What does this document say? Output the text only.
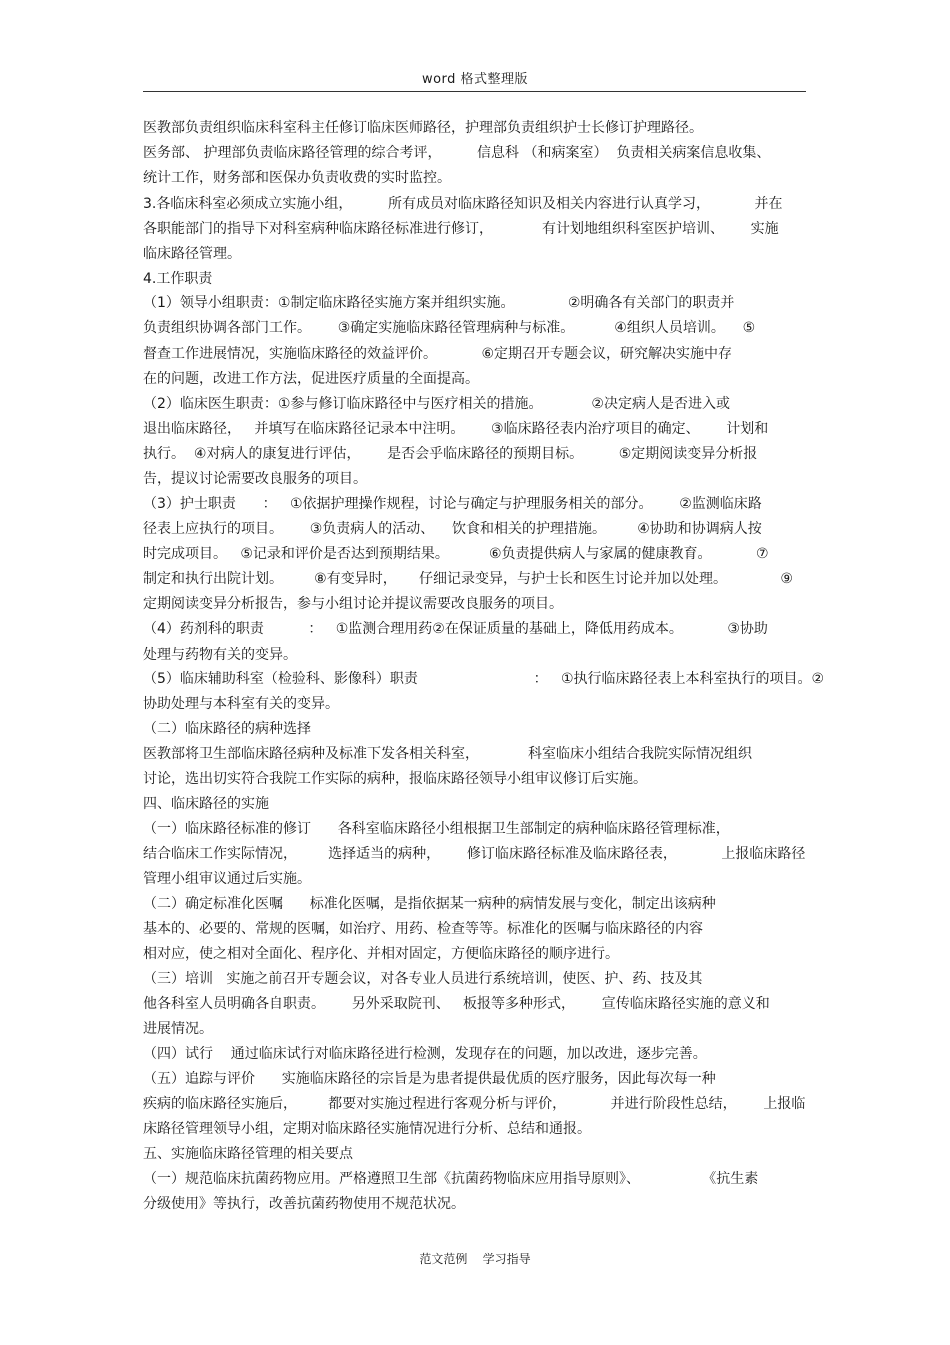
word 格式整理版
医教部负责组织临床科室科主任修订临床医师路径，护理部负责组织护士长修订护理路径。
医务部、 护理部负责临床路径管理的综合考评，        信息科 （和病案室）  负责相关病案信息收集、
统计工作，财务部和医保办负责收费的实时监控。
3.各临床科室必须成立实施小组，        所有成员对临床路径知识及相关内容进行认真学习，          并在
各职能部门的指导下对科室病种临床路径标准进行修订，           有计划地组织科室医护培训、      实施
临床路径管理。
4.工作职责
（1）领导小组职责：①制定临床路径实施方案并组织实施。            ②明确各有关部门的职责并
负责组织协调各部门工作。      ③确定实施临床路径管理病种与标准。         ④组织人员培训。    ⑤
督查工作进展情况，实施临床路径的效益评价。          ⑥定期召开专题会议，研究解决实施中存
在的问题，改进工作方法，促进医疗质量的全面提高。
（2）临床医生职责：①参与修订临床路径中与医疗相关的措施。           ②决定病人是否进入或
退出临床路径，   并填写在临床路径记录本中注明。      ③临床路径表内治疗项目的确定、      计划和
执行。  ④对病人的康复进行评估，      是否会乎临床路径的预期目标。        ⑤定期阅读变异分析报
告，提议讨论需要改良服务的项目。
（3）护士职责      ：   ①依据护理操作规程，讨论与确定与护理服务相关的部分。      ②监测临床路
径表上应执行的项目。      ③负责病人的活动、    饮食和相关的护理措施。       ④协助和协调病人按
时完成项目。   ⑤记录和评价是否达到预期结果。         ⑥负责提供病人与家属的健康教育。          ⑦
制定和执行出院计划。       ⑧有变异时，     仔细记录变异，与护士长和医生讨论并加以处理。            ⑨
定期阅读变异分析报告，参与小组讨论并提议需要改良服务的项目。
（4）药剂科的职责          ：   ①监测合理用药②在保证质量的基础上，降低用药成本。          ③协助
处理与药物有关的变异。
（5）临床辅助科室（检验科、影像科）职责                          ：   ①执行临床路径表上本科室执行的项目。②
协助处理与本科室有关的变异。
（二）临床路径的病种选择
医教部将卫生部临床路径病种及标准下发各相关科室，           科室临床小组结合我院实际情况组织
讨论，选出切实符合我院工作实际的病种，报临床路径领导小组审议修订后实施。
四、临床路径的实施
（一）临床路径标准的修订      各科室临床路径小组根据卫生部制定的病种临床路径管理标准，
结合临床工作实际情况，       选择适当的病种，      修订临床路径标准及临床路径表，          上报临床路径
管理小组审议通过后实施。
（二）确定标准化医嘱      标准化医嘱，是指依据某一病种的病情发展与变化，制定出该病种
基本的、必要的、常规的医嘱，如治疗、用药、检查等等。标准化的医嘱与临床路径的内容
相对应，使之相对全面化、程序化、并相对固定，方便临床路径的顺序进行。
（三）培训   实施之前召开专题会议，对各专业人员进行系统培训，使医、护、药、技及其
他各科室人员明确各自职责。      另外采取院刊、   板报等多种形式，      宣传临床路径实施的意义和
进展情况。
（四）试行    通过临床试行对临床路径进行检测，发现存在的问题，加以改进，逐步完善。
（五）追踪与评价      实施临床路径的宗旨是为患者提供最优质的医疗服务，因此每次每一种
疾病的临床路径实施后，       都要对实施过程进行客观分析与评价，          并进行阶段性总结，      上报临
床路径管理领导小组，定期对临床路径实施情况进行分析、总结和通报。
五、实施临床路径管理的相关要点
（一）规范临床抗菌药物应用。严格遵照卫生部《抗菌药物临床应用指导原则》、              《抗生素
分级使用》等执行，改善抗菌药物使用不规范状况。
范文范例    学习指导
